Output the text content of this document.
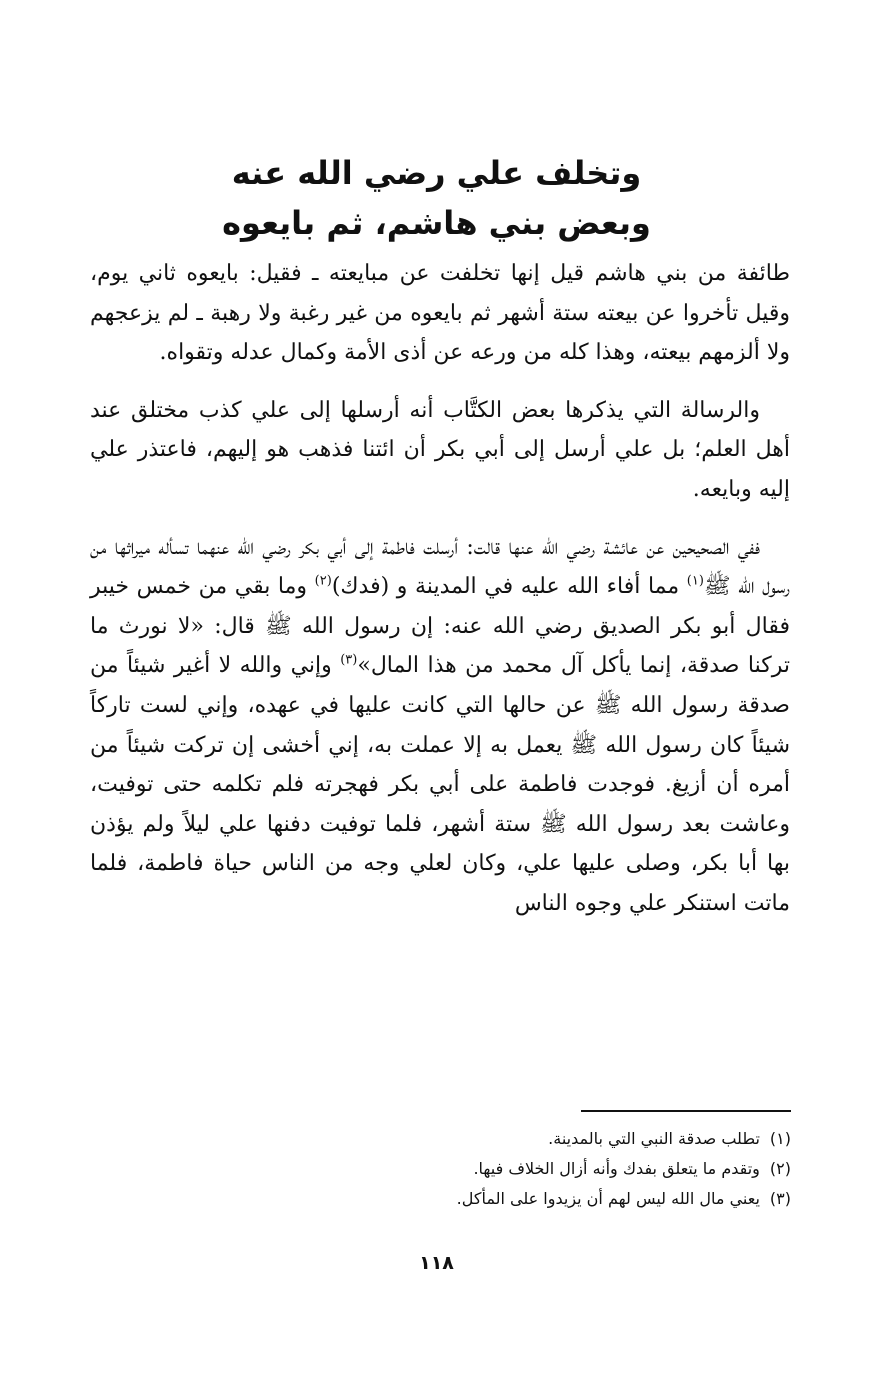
وتخلف علي رضي الله عنه
وبعض بني هاشم، ثم بايعوه

طائفة من بني هاشم قيل إنها تخلفت عن مبايعته ـ فقيل: بايعوه ثاني يوم، وقيل تأخروا عن بيعته ستة أشهر ثم بايعوه من غير رغبة ولا رهبة ـ لم يزعجهم ولا ألزمهم بيعته، وهذا كله من ورعه عن أذى الأمة وكمال عدله وتقواه.

والرسالة التي يذكرها بعض الكتَّاب أنه أرسلها إلى علي كذب مختلق عند أهل العلم؛ بل علي أرسل إلى أبي بكر أن ائتنا فذهب هو إليهم، فاعتذر علي إليه وبايعه.

ففي الصحيحين عن عائشة رضي الله عنها قالت: أرسلت فاطمة إلى أبي بكر رضي الله عنهما تسأله ميراثها من رسول الله ﷺ$^{(١)}$ مما أفاء الله عليه في المدينة و (فدك)$^{(٢)}$ وما بقي من خمس خيبر فقال أبو بكر الصديق رضي الله عنه: إن رسول الله ﷺ قال: «لا نورث ما تركنا صدقة، إنما يأكل آل محمد من هذا المال»$^{(٣)}$ وإني والله لا أغير شيئاً من صدقة رسول الله ﷺ عن حالها التي كانت عليها في عهده، وإني لست تاركاً شيئاً كان رسول الله ﷺ يعمل به إلا عملت به، إني أخشى إن تركت شيئاً من أمره أن أزيغ. فوجدت فاطمة على أبي بكر فهجرته فلم تكلمه حتى توفيت، وعاشت بعد رسول الله ﷺ ستة أشهر، فلما توفيت دفنها علي ليلاً ولم يؤذن بها أبا بكر، وصلى عليها علي، وكان لعلي وجه من الناس حياة فاطمة، فلما ماتت استنكر علي وجوه الناس

(١)تطلب صدقة النبي التي بالمدينة.
(٢)وتقدم ما يتعلق بفدك وأنه أزال الخلاف فيها.
(٣)يعني مال الله ليس لهم أن يزيدوا على المأكل.
١١٨
